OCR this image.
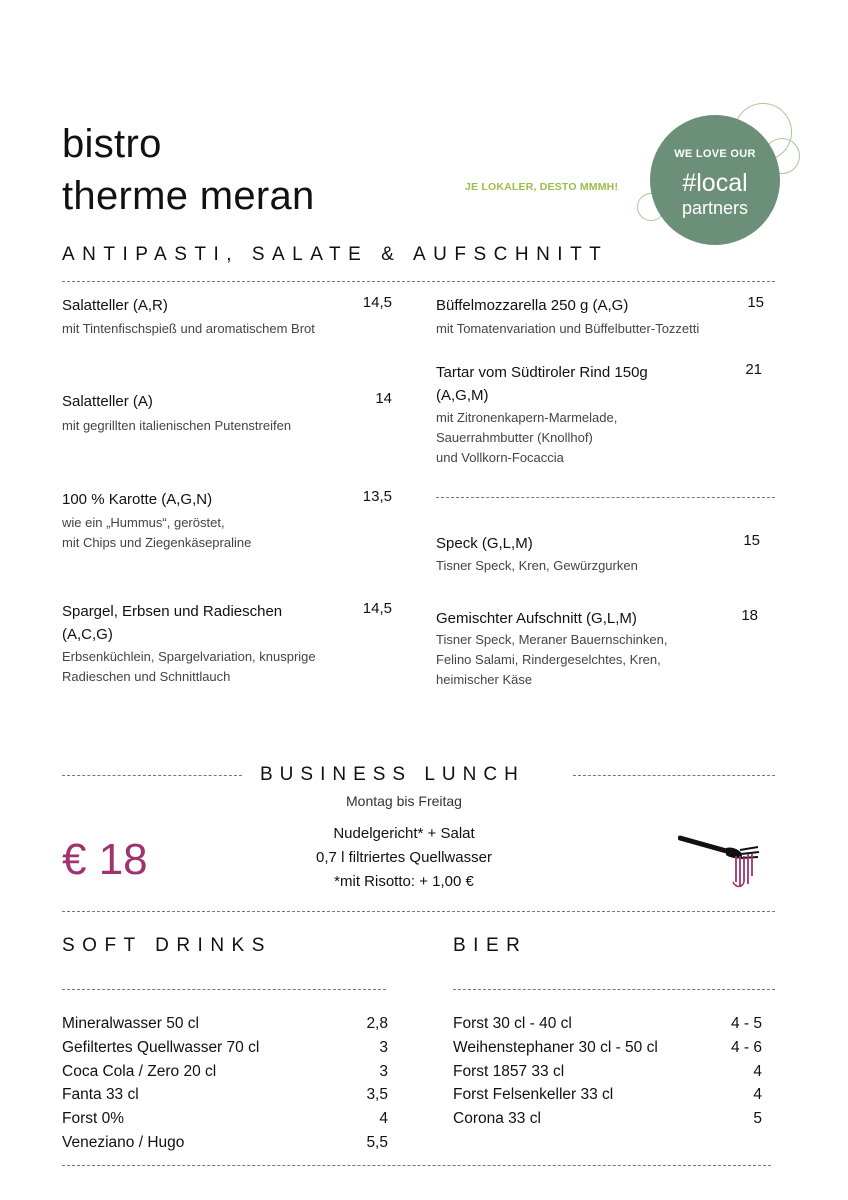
bistro
therme meran	JE LOKALER, DESTO MMMH!
WE LOVE OUR
#local
partners
ANTIPASTI, SALATE & AUFSCHNITT
Salatteller (A,R)	14,5
mit Tintenfischspieß und aromatischem Brot
Salatteller (A)	14
mit gegrillten italienischen Putenstreifen
100 % Karotte (A,G,N)	13,5
wie ein „Hummus“, geröstet,
mit Chips und Ziegenkäsepraline
Spargel, Erbsen und Radieschen
(A,C,G)
14,5
Erbsenküchlein, Spargelvariation, knusprige
Radieschen und Schnittlauch
Büffelmozzarella 250 g (A,G)	15
mit Tomatenvariation und Büffelbutter-Tozzetti
Tartar vom Südtiroler Rind 150g
(A,G,M)
21
mit Zitronenkapern-Marmelade,
Sauerrahmbutter (Knollhof)
und Vollkorn-Focaccia
Speck (G,L,M)	15
Tisner Speck, Kren, Gewürzgurken
Gemischter Aufschnitt (G,L,M)	18
Tisner Speck, Meraner Bauernschinken,
Felino Salami, Rindergeselchtes, Kren,
heimischer Käse
BUSINESS LUNCH
Montag bis Freitag
€ 18
Nudelgericht* + Salat
0,7 l filtriertes Quellwasser
*mit Risotto: + 1,00 €
SOFT DRINKS
Mineralwasser 50 cl	2,8
Gefiltertes Quellwasser 70 cl	3
Coca Cola / Zero 20 cl	3
Fanta 33 cl	3,5
Forst 0%	4
Veneziano / Hugo	5,5
BIER
Forst 30 cl - 40 cl	4 - 5
Weihenstephaner 30 cl - 50 cl	4 - 6
Forst 1857 33 cl	4
Forst Felsenkeller 33 cl	4
Corona 33 cl	5
